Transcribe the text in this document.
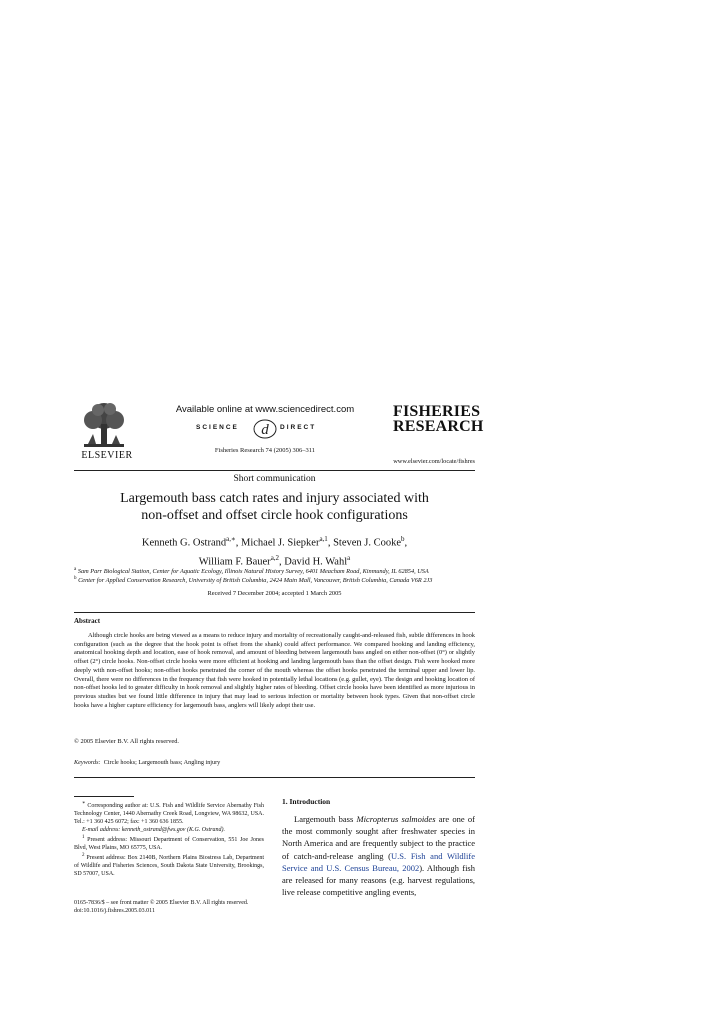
ELSEVIER
Available online at www.sciencedirect.com
SCIENCE d DIRECT
Fisheries Research 74 (2005) 306–311
FISHERIES
RESEARCH
www.elsevier.com/locate/fishres
Short communication
Largemouth bass catch rates and injury associated with
non-offset and offset circle hook configurations
Kenneth G. Ostrand$^{a,∗}$, Michael J. Siepker$^{a,1}$, Steven J. Cooke$^b$,
William F. Bauer$^{a,2}$, David H. Wahl$^a$
$^a$ Sam Parr Biological Station, Center for Aquatic Ecology, Illinois Natural History Survey, 6401 Meacham Road, Kinmundy, IL 62854, USA
$^b$ Center for Applied Conservation Research, University of British Columbia, 2424 Main Mall, Vancouver, British Columbia, Canada V6R 2J3
Received 7 December 2004; accepted 1 March 2005
Abstract
Although circle hooks are being viewed as a means to reduce injury and mortality of recreationally caught-and-released fish, subtle differences in hook configuration (such as the degree that the hook point is offset from the shank) could affect performance. We compared hooking and landing efficiency, anatomical hooking depth and location, ease of hook removal, and amount of bleeding between largemouth bass angled on either non-offset (0°) or slightly offset (2°) circle hooks. Non-offset circle hooks were more efficient at hooking and landing largemouth bass than the offset design. Fish were hooked more deeply with non-offset hooks; non-offset hooks penetrated the corner of the mouth whereas the offset hooks penetrated the terminal upper and lower lip. Overall, there were no differences in the frequency that fish were hooked in potentially lethal locations (e.g. gullet, eye). The design and hooking location of non-offset hooks led to greater difficulty in hook removal and slightly higher rates of bleeding. Offset circle hooks have been identified as more injurious in previous studies but we found little difference in injury that may lead to serious infection or mortality between hook types. Given that non-offset circle hooks have a higher capture efficiency for largemouth bass, anglers will likely adopt their use.
© 2005 Elsevier B.V. All rights reserved.
Keywords: Circle hooks; Largemouth bass; Angling injury

∗ Corresponding author at: U.S. Fish and Wildlife Service Abernathy Fish Technology Center, 1440 Abernathy Creek Road, Longview, WA 98632, USA. Tel.: +1 360 425 6072; fax: +1 360 636 1855.

E-mail address: kenneth_ostrand@fws.gov (K.G. Ostrand).

$^1$ Present address: Missouri Department of Conservation, 551 Joe Jones Blvd, West Plains, MO 65775, USA.

$^2$ Present address: Box 2140B, Northern Plains Biostress Lab, Department of Wildlife and Fisheries Sciences, South Dakota State University, Brookings, SD 57007, USA.

0165-7836/$ – see front matter © 2005 Elsevier B.V. All rights reserved.
doi:10.1016/j.fishres.2005.03.011
1. Introduction
Largemouth bass Micropterus salmoides are one of the most commonly sought after freshwater species in North America and are frequently subject to the practice of catch-and-release angling (U.S. Fish and Wildlife Service and U.S. Census Bureau, 2002). Although fish are released for many reasons (e.g. harvest regulations, live release competitive angling events,
